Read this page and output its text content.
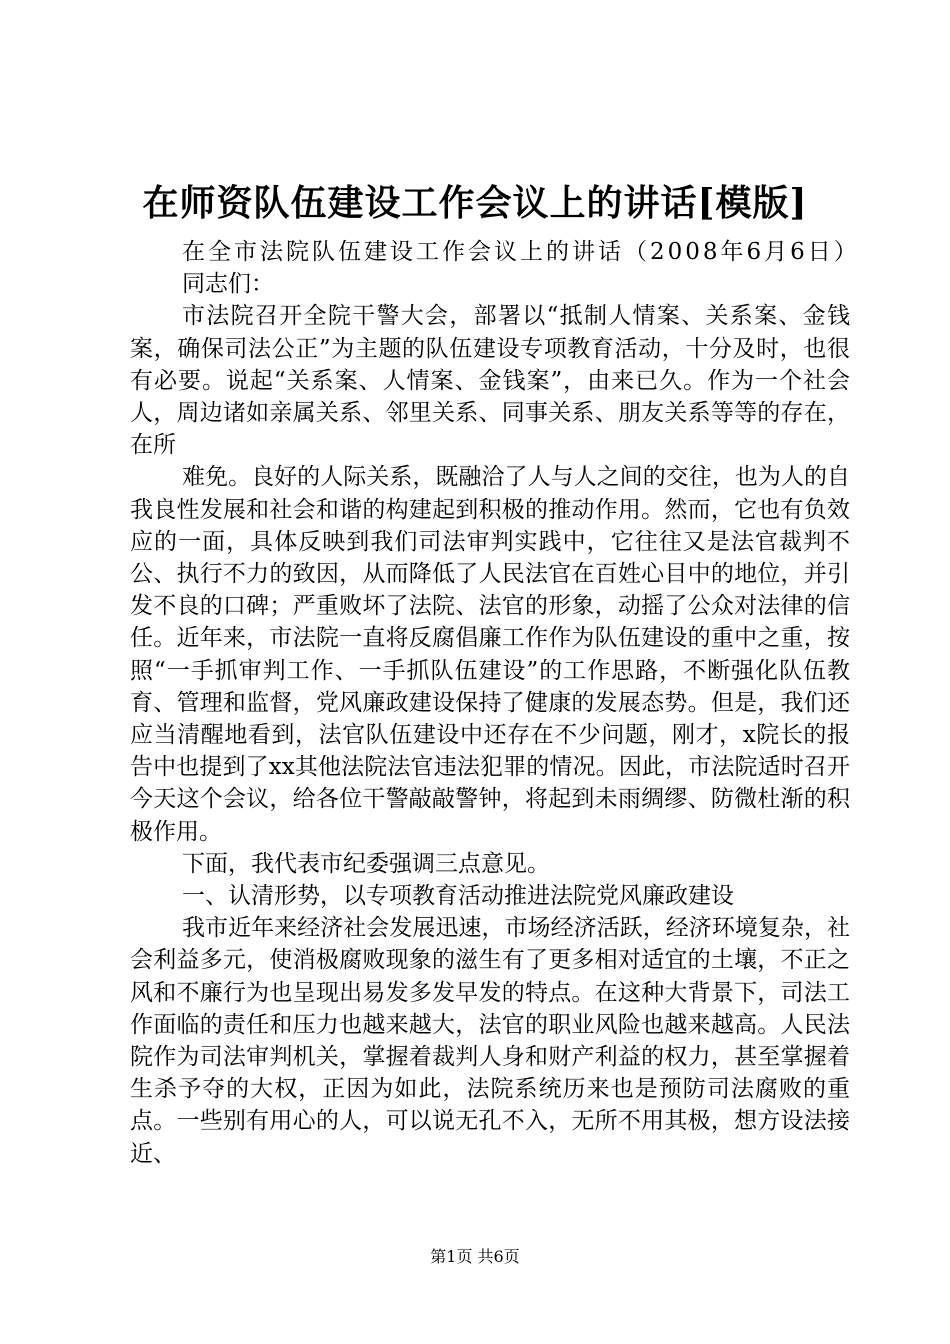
在师资队伍建设工作会议上的讲话[模版]

在全市法院队伍建设工作会议上的讲话（2008年6月6日）

同志们：

市法院召开全院干警大会，部署以“抵制人情案、关系案、金钱案，确保司法公正”为主题的队伍建设专项教育活动，十分及时，也很有必要。说起“关系案、人情案、金钱案”，由来已久。作为一个社会人，周边诸如亲属关系、邻里关系、同事关系、朋友关系等等的存在，在所

难免。良好的人际关系，既融洽了人与人之间的交往，也为人的自我良性发展和社会和谐的构建起到积极的推动作用。然而，它也有负效应的一面，具体反映到我们司法审判实践中，它往往又是法官裁判不公、执行不力的致因，从而降低了人民法官在百姓心目中的地位，并引发不良的口碑；严重败坏了法院、法官的形象，动摇了公众对法律的信任。近年来，市法院一直将反腐倡廉工作作为队伍建设的重中之重，按照“一手抓审判工作、一手抓队伍建设”的工作思路，不断强化队伍教育、管理和监督，党风廉政建设保持了健康的发展态势。但是，我们还应当清醒地看到，法官队伍建设中还存在不少问题，刚才，x院长的报告中也提到了xx其他法院法官违法犯罪的情况。因此，市法院适时召开今天这个会议，给各位干警敲敲警钟，将起到未雨绸缪、防微杜渐的积极作用。

下面，我代表市纪委强调三点意见。

一、认清形势，以专项教育活动推进法院党风廉政建设

我市近年来经济社会发展迅速，市场经济活跃，经济环境复杂，社会利益多元，使消极腐败现象的滋生有了更多相对适宜的土壤，不正之风和不廉行为也呈现出易发多发早发的特点。在这种大背景下，司法工作面临的责任和压力也越来越大，法官的职业风险也越来越高。人民法院作为司法审判机关，掌握着裁判人身和财产利益的权力，甚至掌握着生杀予夺的大权，正因为如此，法院系统历来也是预防司法腐败的重点。一些别有用心的人，可以说无孔不入，无所不用其极，想方设法接近、

第1页 共6页
